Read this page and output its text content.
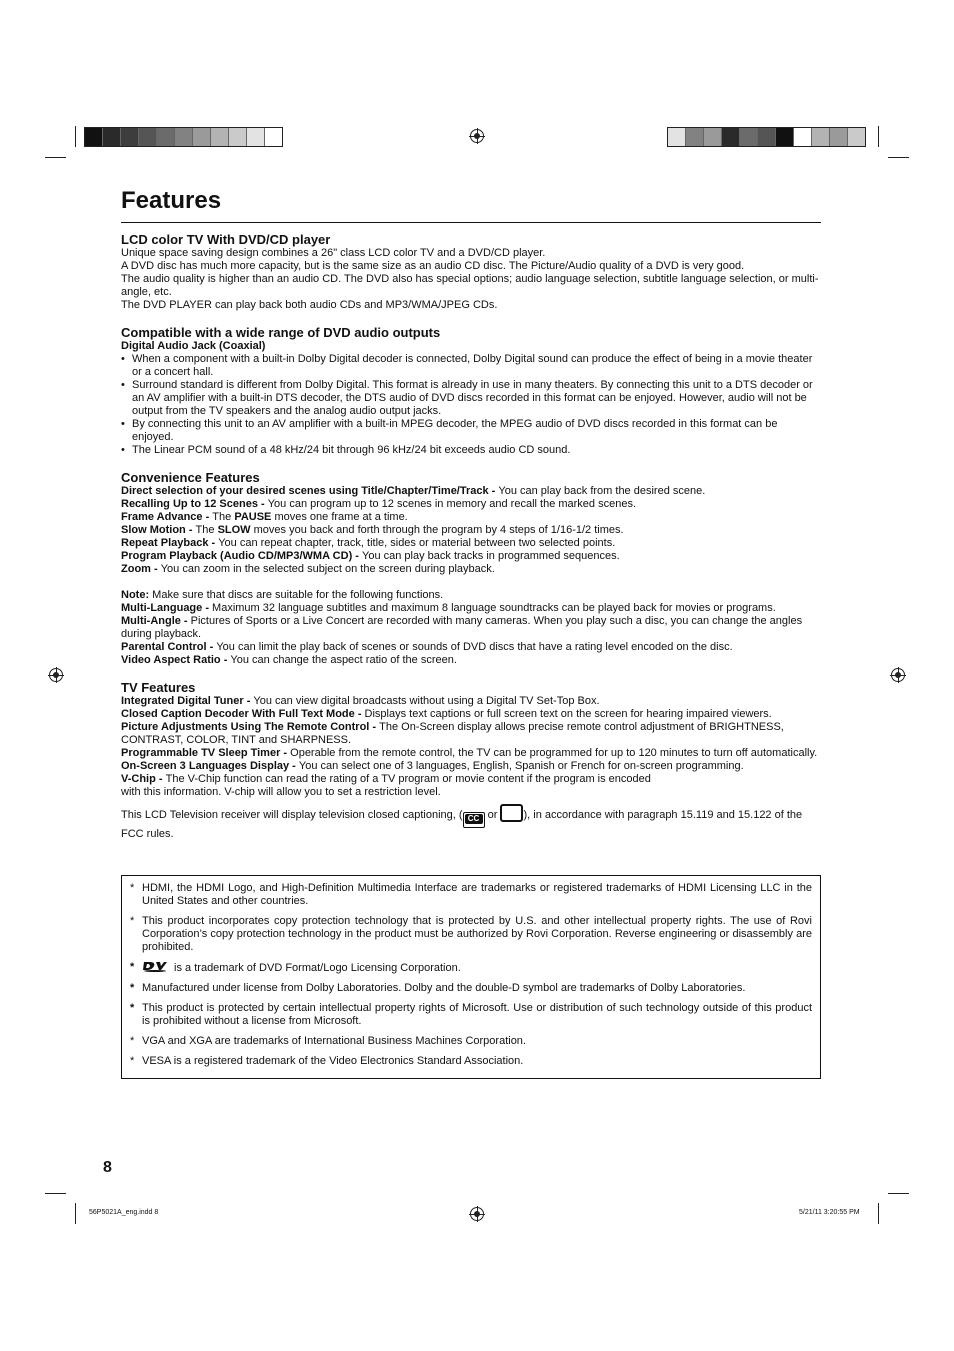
Features
LCD color TV With DVD/CD player

Unique space saving design combines a 26" class LCD color TV and a DVD/CD player.

A DVD disc has much more capacity, but is the same size as an audio CD disc. The Picture/Audio quality of a DVD is very good.

The audio quality is higher than an audio CD. The DVD also has special options; audio language selection, subtitle language selection, or multi-angle, etc.

The DVD PLAYER can play back both audio CDs and MP3/WMA/JPEG CDs.

Compatible with a wide range of DVD audio outputs

Digital Audio Jack (Coaxial)

• When a component with a built-in Dolby Digital decoder is connected, Dolby Digital sound can produce the effect of being in a movie theater or a concert hall.

• Surround standard is different from Dolby Digital. This format is already in use in many theaters. By connecting this unit to a DTS decoder or an AV amplifier with a built-in DTS decoder, the DTS audio of DVD discs recorded in this format can be enjoyed. However, audio will not be output from the TV speakers and the analog audio output jacks.

• By connecting this unit to an AV amplifier with a built-in MPEG decoder, the MPEG audio of DVD discs recorded in this format can be enjoyed.

• The Linear PCM sound of a 48 kHz/24 bit through 96 kHz/24 bit exceeds audio CD sound.

Convenience Features

Direct selection of your desired scenes using Title/Chapter/Time/Track - You can play back from the desired scene.

Recalling Up to 12 Scenes - You can program up to 12 scenes in memory and recall the marked scenes.

Frame Advance - The PAUSE moves one frame at a time.

Slow Motion - The SLOW moves you back and forth through the program by 4 steps of 1/16-1/2 times.

Repeat Playback - You can repeat chapter, track, title, sides or material between two selected points.

Program Playback (Audio CD/MP3/WMA CD) - You can play back tracks in programmed sequences.

Zoom - You can zoom in the selected subject on the screen during playback.

Note: Make sure that discs are suitable for the following functions.

Multi-Language - Maximum 32 language subtitles and maximum 8 language soundtracks can be played back for movies or programs.

Multi-Angle - Pictures of Sports or a Live Concert are recorded with many cameras. When you play such a disc, you can change the angles during playback.

Parental Control - You can limit the play back of scenes or sounds of DVD discs that have a rating level encoded on the disc.

Video Aspect Ratio - You can change the aspect ratio of the screen.

TV Features

Integrated Digital Tuner - You can view digital broadcasts without using a Digital TV Set-Top Box.

Closed Caption Decoder With Full Text Mode - Displays text captions or full screen text on the screen for hearing impaired viewers.

Picture Adjustments Using The Remote Control - The On-Screen display allows precise remote control adjustment of BRIGHTNESS, CONTRAST, COLOR, TINT and SHARPNESS.

Programmable TV Sleep Timer - Operable from the remote control, the TV can be programmed for up to 120 minutes to turn off automatically.

On-Screen 3 Languages Display - You can select one of 3 languages, English, Spanish or French for on-screen programming.

V-Chip - The V-Chip function can read the rating of a TV program or movie content if the program is encoded
with this information. V-chip will allow you to set a restriction level.

This LCD Television receiver will display television closed captioning, ( CC or ), in accordance with paragraph 15.119 and 15.122 of the FCC rules.

* HDMI, the HDMI Logo, and High-Definition Multimedia Interface are trademarks or registered trademarks of HDMI Licensing LLC in the United States and other countries.

* This product incorporates copy protection technology that is protected by U.S. and other intellectual property rights. The use of Rovi Corporation’s copy protection technology in the product must be authorized by Rovi Corporation. Reverse engineering or disassembly are prohibited.

*	is a trademark of DVD Format/Logo Licensing Corporation.

* Manufactured under license from Dolby Laboratories. Dolby and the double-D symbol are trademarks of Dolby Laboratories.

* This product is protected by certain intellectual property rights of Microsoft. Use or distribution of such technology outside of this product is prohibited without a license from Microsoft.

* VGA and XGA are trademarks of International Business Machines Corporation.

* VESA is a registered trademark of the Video Electronics Standard Association.

8
56P5021A_eng.indd 8	5/21/11 3:20:55 PM
